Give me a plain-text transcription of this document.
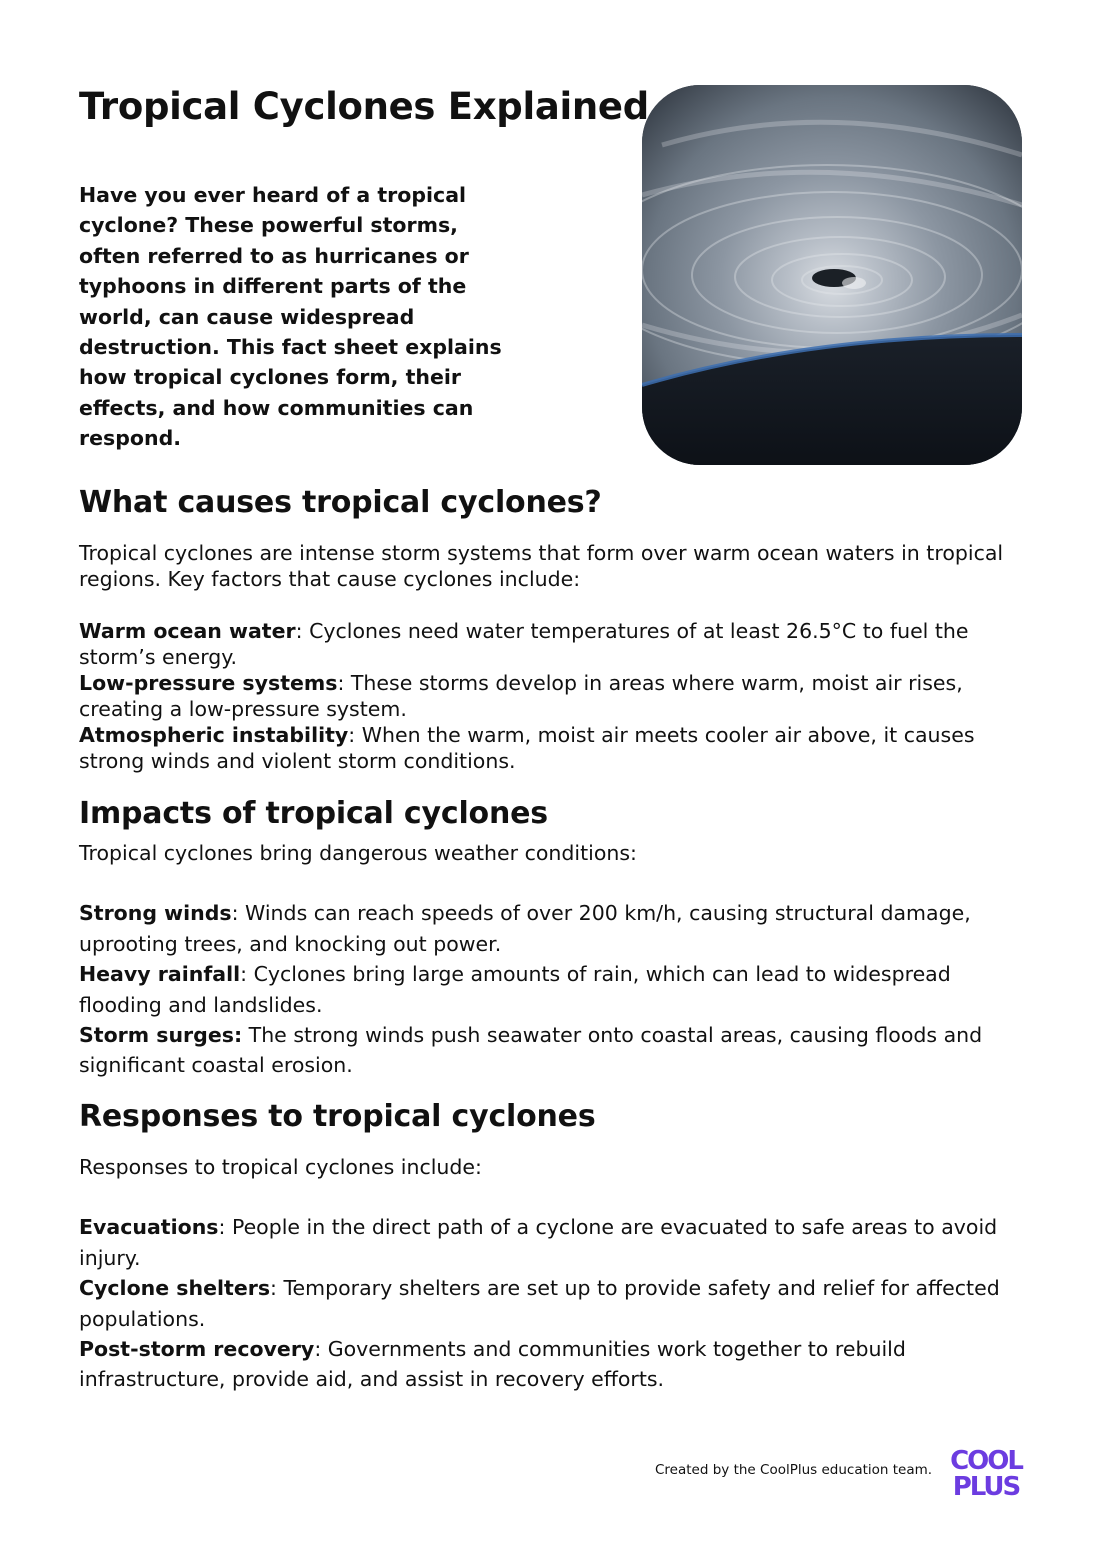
Tropical Cyclones Explained

Have you ever heard of a tropical cyclone? These powerful storms, often referred to as hurricanes or typhoons in different parts of the world, can cause widespread destruction. This fact sheet explains how tropical cyclones form, their effects, and how communities can respond.

What causes tropical cyclones?

Tropical cyclones are intense storm systems that form over warm ocean waters in tropical regions. Key factors that cause cyclones include:

Warm ocean water: Cyclones need water temperatures of at least 26.5°C to fuel the storm’s energy.

Low-pressure systems: These storms develop in areas where warm, moist air rises, creating a low-pressure system.

Atmospheric instability: When the warm, moist air meets cooler air above, it causes strong winds and violent storm conditions.

Impacts of tropical cyclones

Tropical cyclones bring dangerous weather conditions:

Strong winds: Winds can reach speeds of over 200 km/h, causing structural damage, uprooting trees, and knocking out power.

Heavy rainfall: Cyclones bring large amounts of rain, which can lead to widespread flooding and landslides.

Storm surges: The strong winds push seawater onto coastal areas, causing floods and significant coastal erosion.

Responses to tropical cyclones

Responses to tropical cyclones include:

Evacuations: People in the direct path of a cyclone are evacuated to safe areas to avoid injury.

Cyclone shelters: Temporary shelters are set up to provide safety and relief for affected populations.

Post-storm recovery: Governments and communities work together to rebuild infrastructure, provide aid, and assist in recovery efforts.

Created by the CoolPlus education team. COOL
PLUS
